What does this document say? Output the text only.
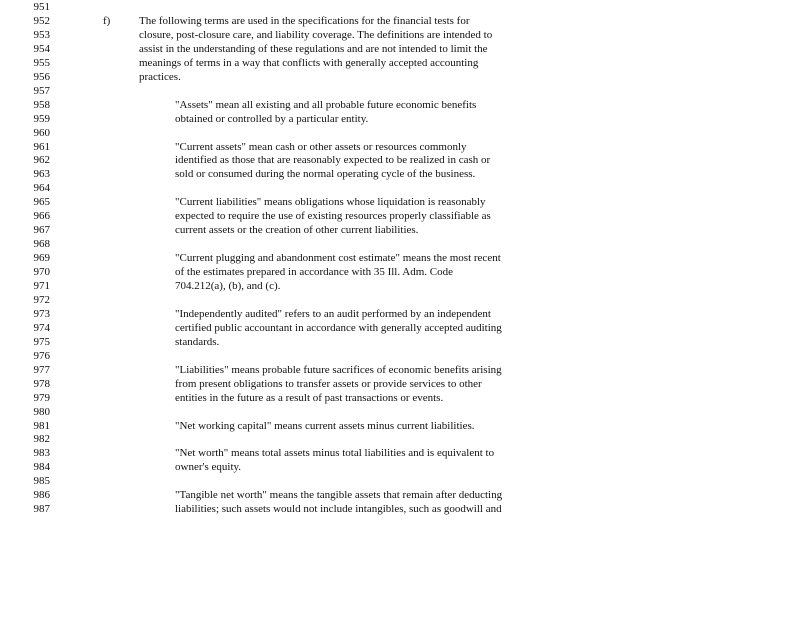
951
952	f)	The following terms are used in the specifications for the financial tests for
953	closure, post-closure care, and liability coverage. The definitions are intended to
954	assist in the understanding of these regulations and are not intended to limit the
955	meanings of terms in a way that conflicts with generally accepted accounting
956	practices.
957
958	"Assets" mean all existing and all probable future economic benefits
959	obtained or controlled by a particular entity.
960
961	"Current assets" mean cash or other assets or resources commonly
962	identified as those that are reasonably expected to be realized in cash or
963	sold or consumed during the normal operating cycle of the business.
964
965	"Current liabilities" means obligations whose liquidation is reasonably
966	expected to require the use of existing resources properly classifiable as
967	current assets or the creation of other current liabilities.
968
969	"Current plugging and abandonment cost estimate" means the most recent
970	of the estimates prepared in accordance with 35 Ill. Adm. Code
971	704.212(a), (b), and (c).
972
973	"Independently audited" refers to an audit performed by an independent
974	certified public accountant in accordance with generally accepted auditing
975	standards.
976
977	"Liabilities" means probable future sacrifices of economic benefits arising
978	from present obligations to transfer assets or provide services to other
979	entities in the future as a result of past transactions or events.
980
981	"Net working capital" means current assets minus current liabilities.
982
983	"Net worth" means total assets minus total liabilities and is equivalent to
984	owner's equity.
985
986	"Tangible net worth" means the tangible assets that remain after deducting
987	liabilities; such assets would not include intangibles, such as goodwill and
